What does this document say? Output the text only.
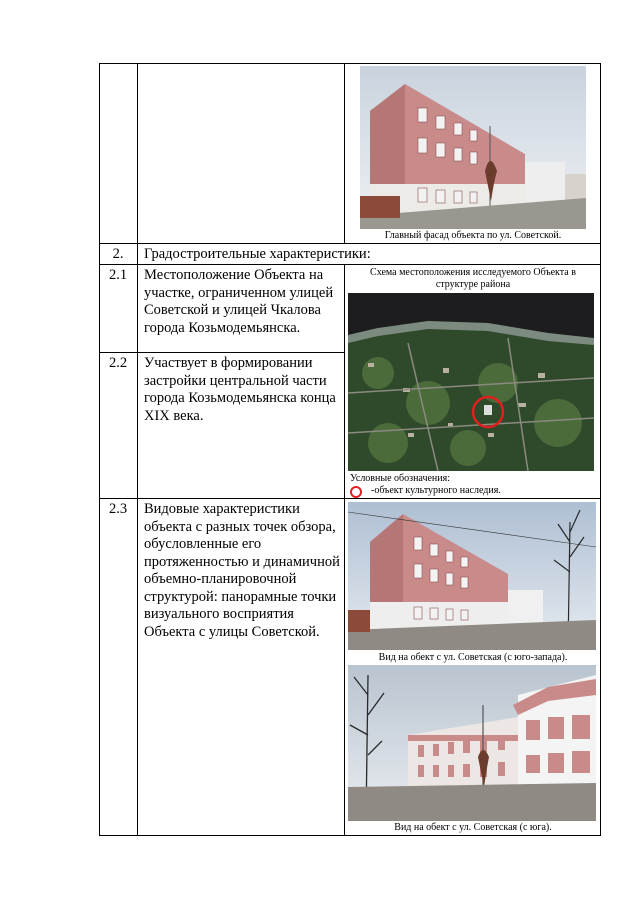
2.	Градостроительные характеристики:
2.1	Местоположение Объекта на участке, ограниченном улицей Советской и улицей Чкалова города Козьмодемьянска.
2.2	Участвует в формировании застройки центральной части города Козьмодемьянска конца XIX века.
2.3	Видовые характеристики объекта с разных точек обзора, обусловленные его протяженностью и динамичной объемно-планировочной структурой: панорамные точки визуального восприятия Объекта с улицы Советской.
Главный фасад объекта по ул. Советской.
Схема местоположения исследуемого Объекта в структуре района
Условные обозначения:
-объект культурного наследия.
Вид на обект с ул. Советская (с юго-запада).
Вид на обект с ул. Советская (с юга).
